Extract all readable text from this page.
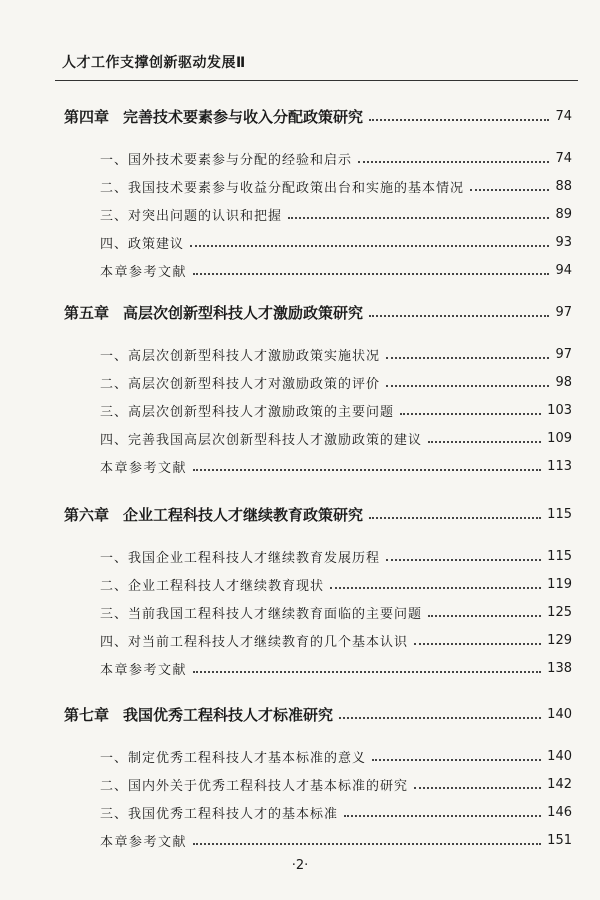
人才工作支撑创新驱动发展Ⅱ
第四章 完善技术要素参与收入分配政策研究	74
一、国外技术要素参与分配的经验和启示	74
二、我国技术要素参与收益分配政策出台和实施的基本情况	88
三、对突出问题的认识和把握	89
四、政策建议	93
本章参考文献	94
第五章 高层次创新型科技人才激励政策研究	97
一、高层次创新型科技人才激励政策实施状况	97
二、高层次创新型科技人才对激励政策的评价	98
三、高层次创新型科技人才激励政策的主要问题	103
四、完善我国高层次创新型科技人才激励政策的建议	109
本章参考文献	113
第六章 企业工程科技人才继续教育政策研究	115
一、我国企业工程科技人才继续教育发展历程	115
二、企业工程科技人才继续教育现状	119
三、当前我国工程科技人才继续教育面临的主要问题	125
四、对当前工程科技人才继续教育的几个基本认识	129
本章参考文献	138
第七章 我国优秀工程科技人才标准研究	140
一、制定优秀工程科技人才基本标准的意义	140
二、国内外关于优秀工程科技人才基本标准的研究	142
三、我国优秀工程科技人才的基本标准	146
本章参考文献	151
·2·
